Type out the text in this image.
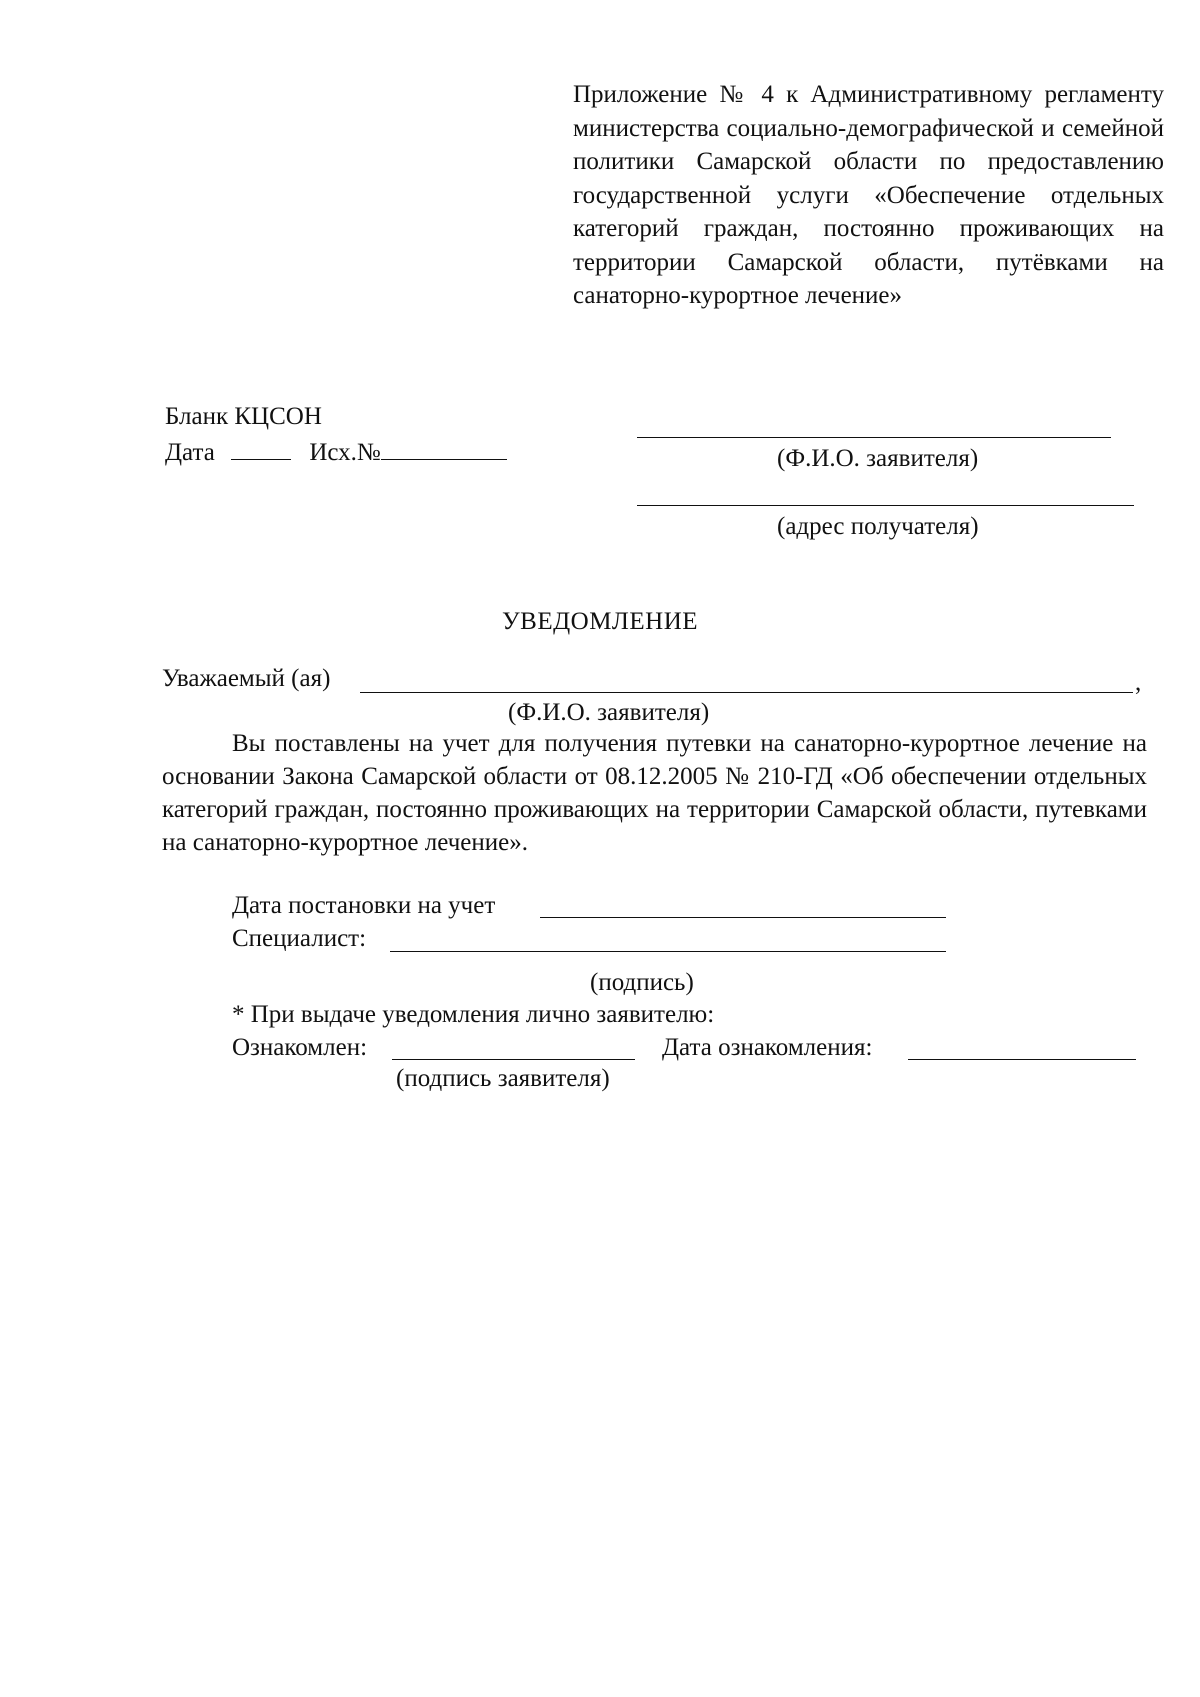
Приложение № 4 к Административному регламенту министерства социально-демографической и семейной политики Самарской области по предоставлению государственной услуги «Обеспечение отдельных категорий граждан, постоянно проживающих на территории Самарской области, путёвками на санаторно-курортное лечение»
Бланк КЦСОН
Дата	Исх.№	(Ф.И.О. заявителя)
(адрес получателя)
УВЕДОМЛЕНИЕ
Уважаемый (ая)	,
(Ф.И.О. заявителя)
Вы поставлены на учет для получения путевки на санаторно-курортное лечение на основании Закона Самарской области от 08.12.2005 № 210-ГД «Об обеспечении отдельных категорий граждан, постоянно проживающих на территории Самарской области, путевками на санаторно-курортное лечение».
Дата постановки на учет
Специалист:
(подпись)
* При выдаче уведомления лично заявителю:
Ознакомлен:	Дата ознакомления:
(подпись заявителя)
